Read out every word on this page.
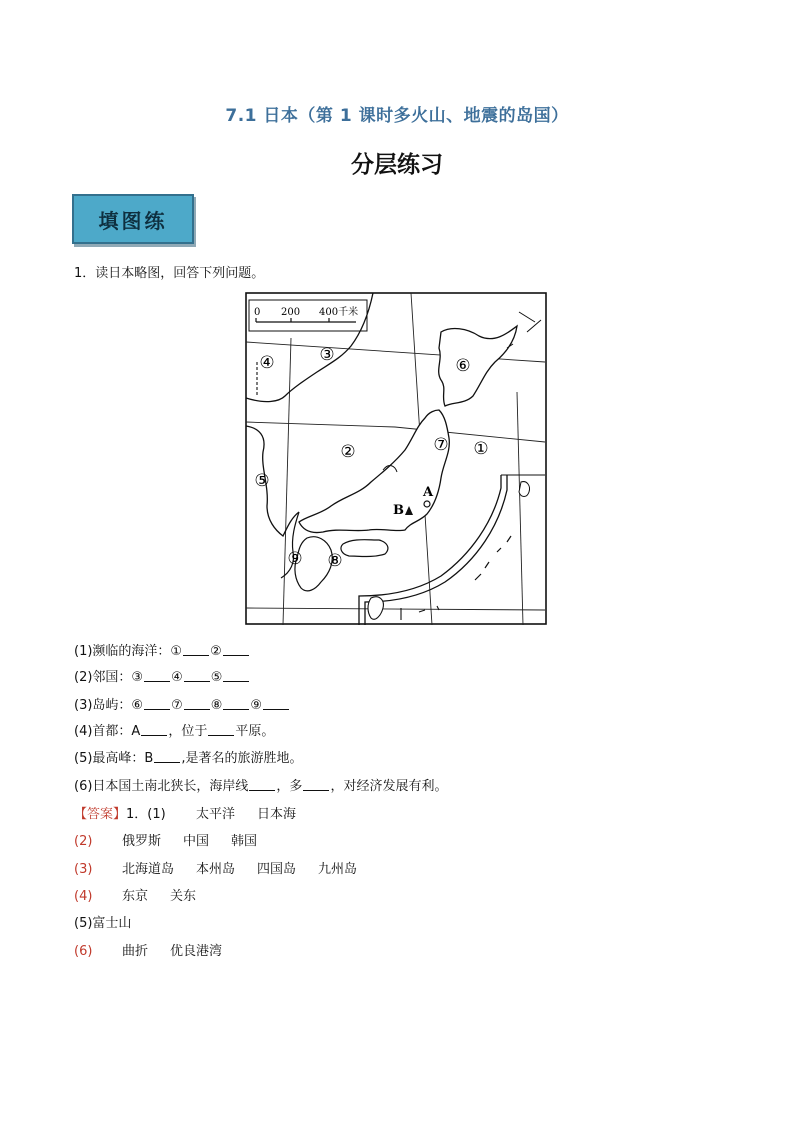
7.1 日本（第 1 课时多火山、地震的岛国）
分层练习
填图练
1．读日本略图，回答下列问题。
0 200 400千米
①
②
③
④
⑤
⑥
⑦
⑧
⑨
A
B
(1)濒临的海洋：① ②
(2)邻国：③ ④ ⑤
(3)岛屿：⑥ ⑦ ⑧ ⑨
(4)首都：A ，位于 平原。
(5)最高峰：B ,是著名的旅游胜地。
(6)日本国土南北狭长，海岸线 ，多 ，对经济发展有利。
【答案】1．(1) 太平洋 日本海
(2) 俄罗斯 中国 韩国
(3) 北海道岛 本州岛 四国岛 九州岛
(4) 东京 关东
(5)富士山
(6) 曲折 优良港湾
